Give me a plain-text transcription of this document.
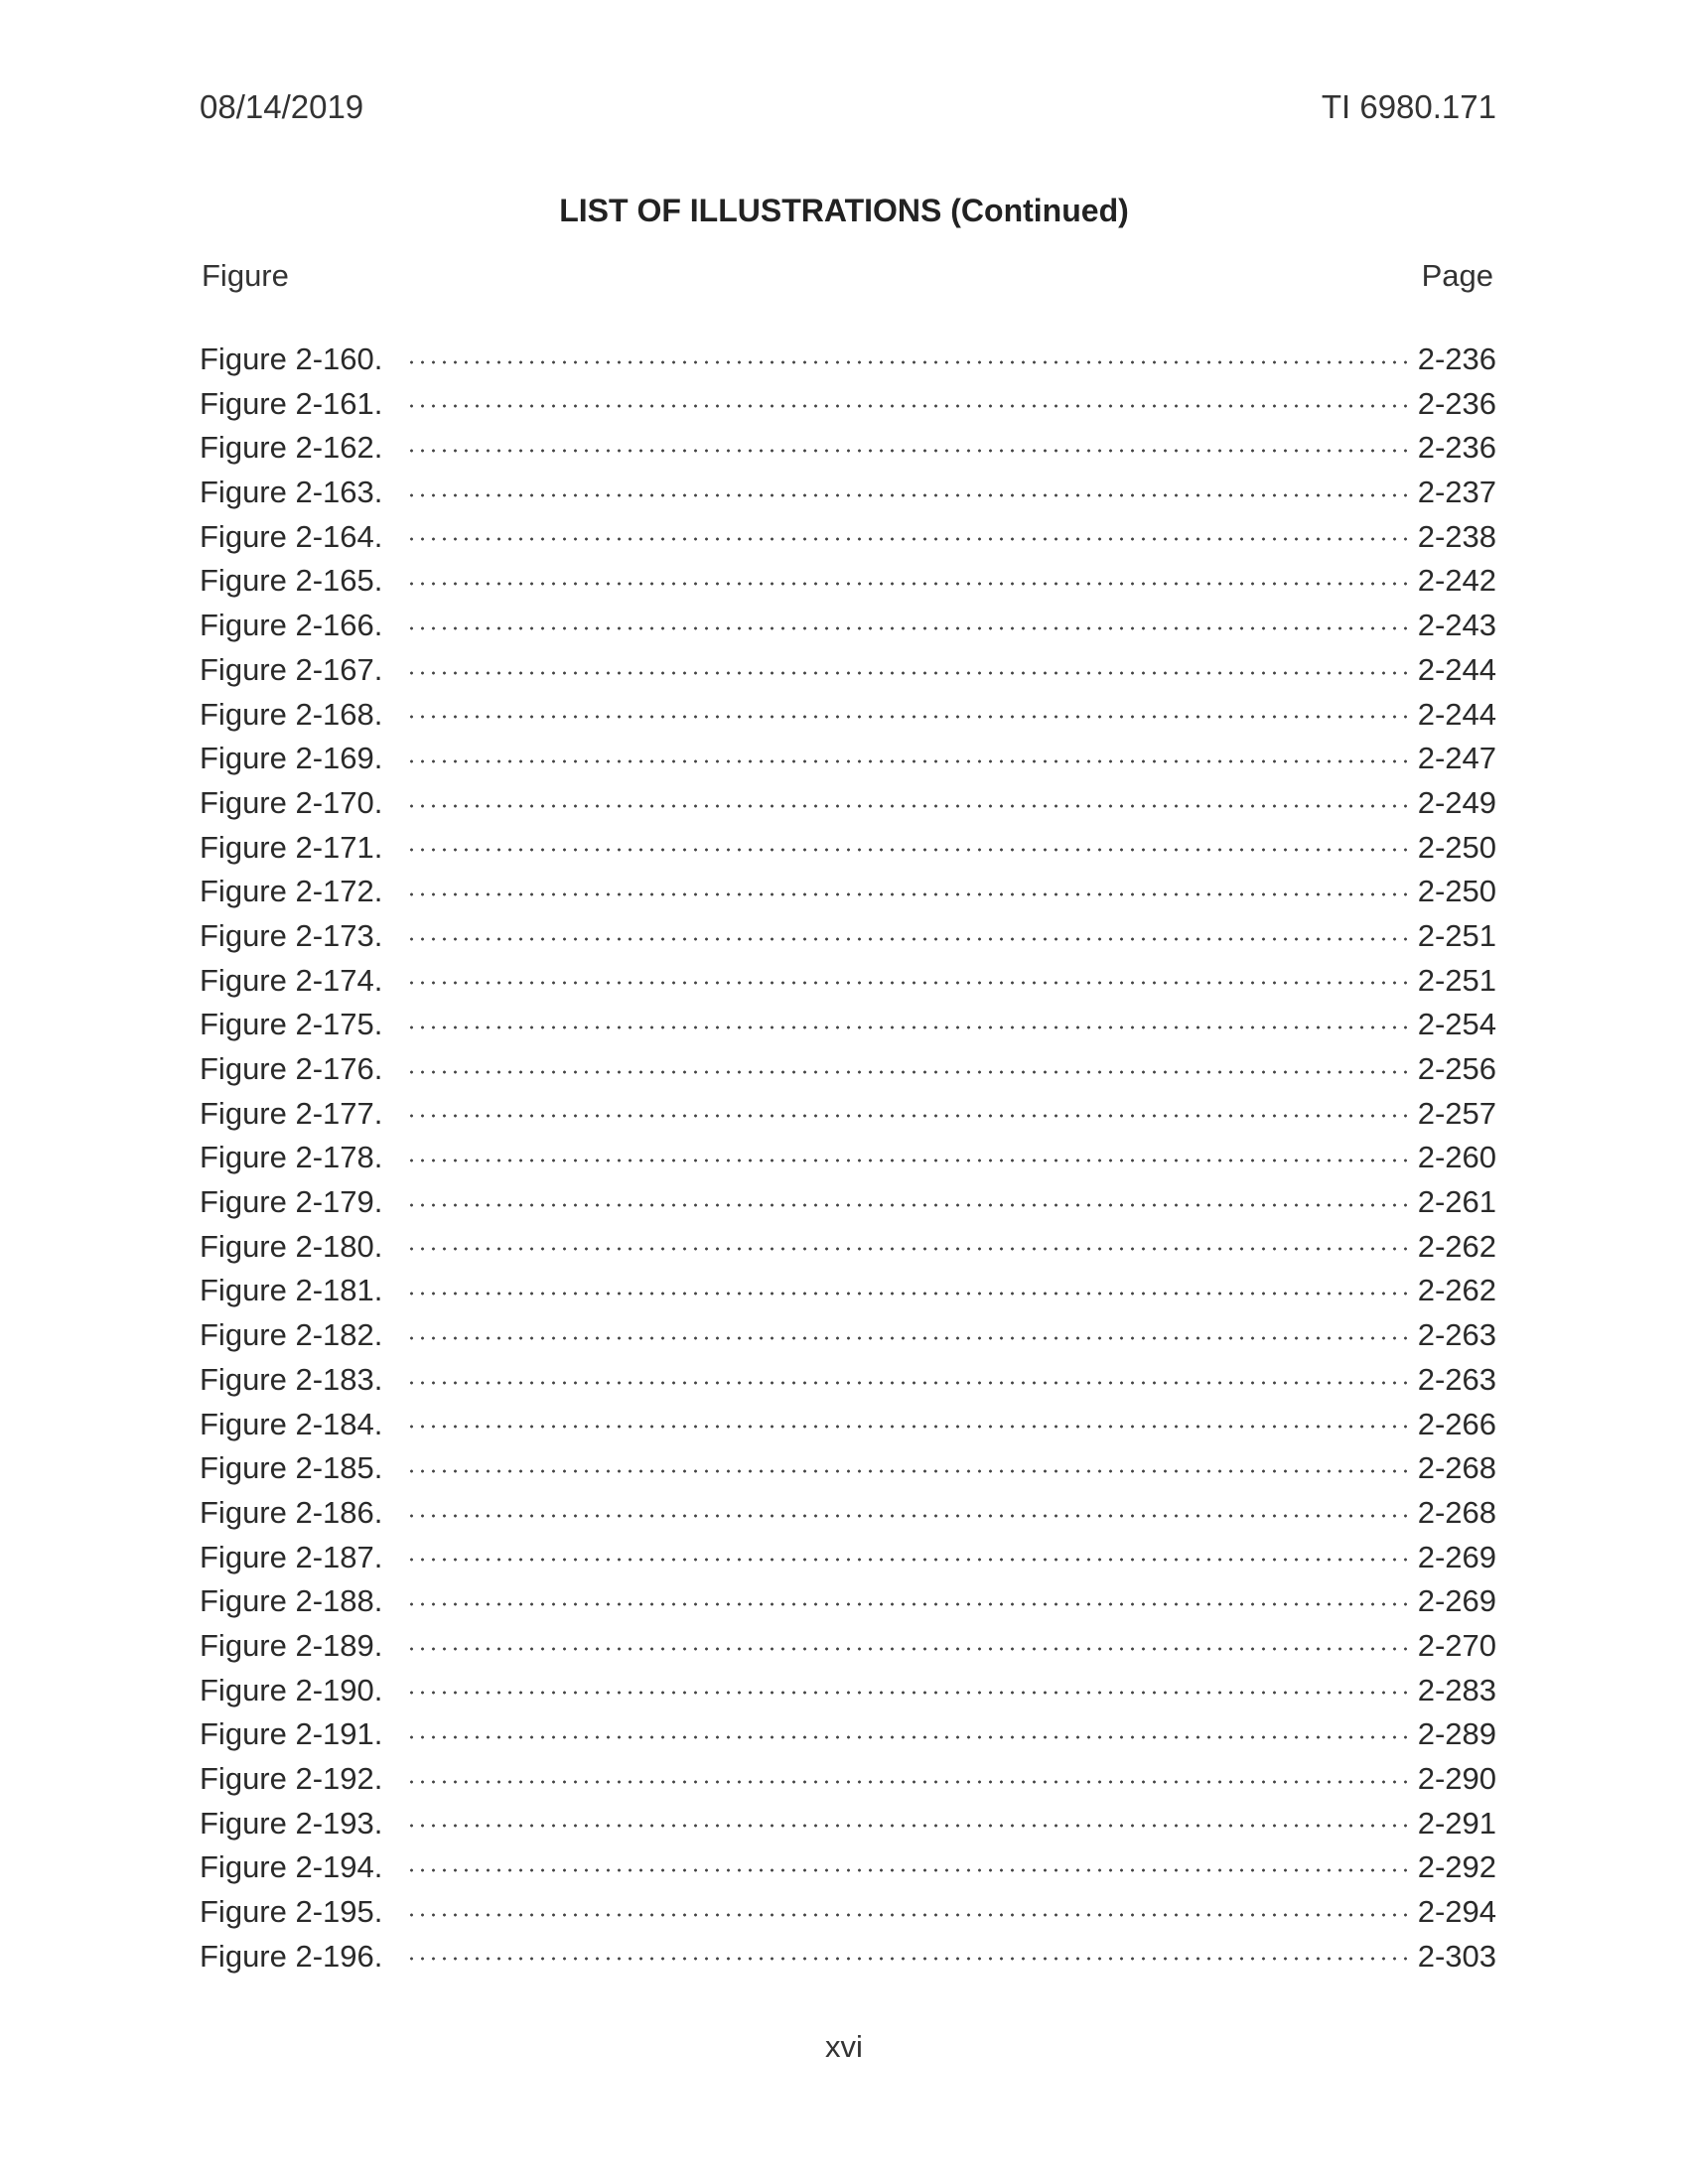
08/14/2019	TI 6980.171
LIST OF ILLUSTRATIONS (Continued)
Figure	Page
Figure 2-160.	2-236
Figure 2-161.	2-236
Figure 2-162.	2-236
Figure 2-163.	2-237
Figure 2-164.	2-238
Figure 2-165.	2-242
Figure 2-166.	2-243
Figure 2-167.	2-244
Figure 2-168.	2-244
Figure 2-169.	2-247
Figure 2-170.	2-249
Figure 2-171.	2-250
Figure 2-172.	2-250
Figure 2-173.	2-251
Figure 2-174.	2-251
Figure 2-175.	2-254
Figure 2-176.	2-256
Figure 2-177.	2-257
Figure 2-178.	2-260
Figure 2-179.	2-261
Figure 2-180.	2-262
Figure 2-181.	2-262
Figure 2-182.	2-263
Figure 2-183.	2-263
Figure 2-184.	2-266
Figure 2-185.	2-268
Figure 2-186.	2-268
Figure 2-187.	2-269
Figure 2-188.	2-269
Figure 2-189.	2-270
Figure 2-190.	2-283
Figure 2-191.	2-289
Figure 2-192.	2-290
Figure 2-193.	2-291
Figure 2-194.	2-292
Figure 2-195.	2-294
Figure 2-196.	2-303
xvi
